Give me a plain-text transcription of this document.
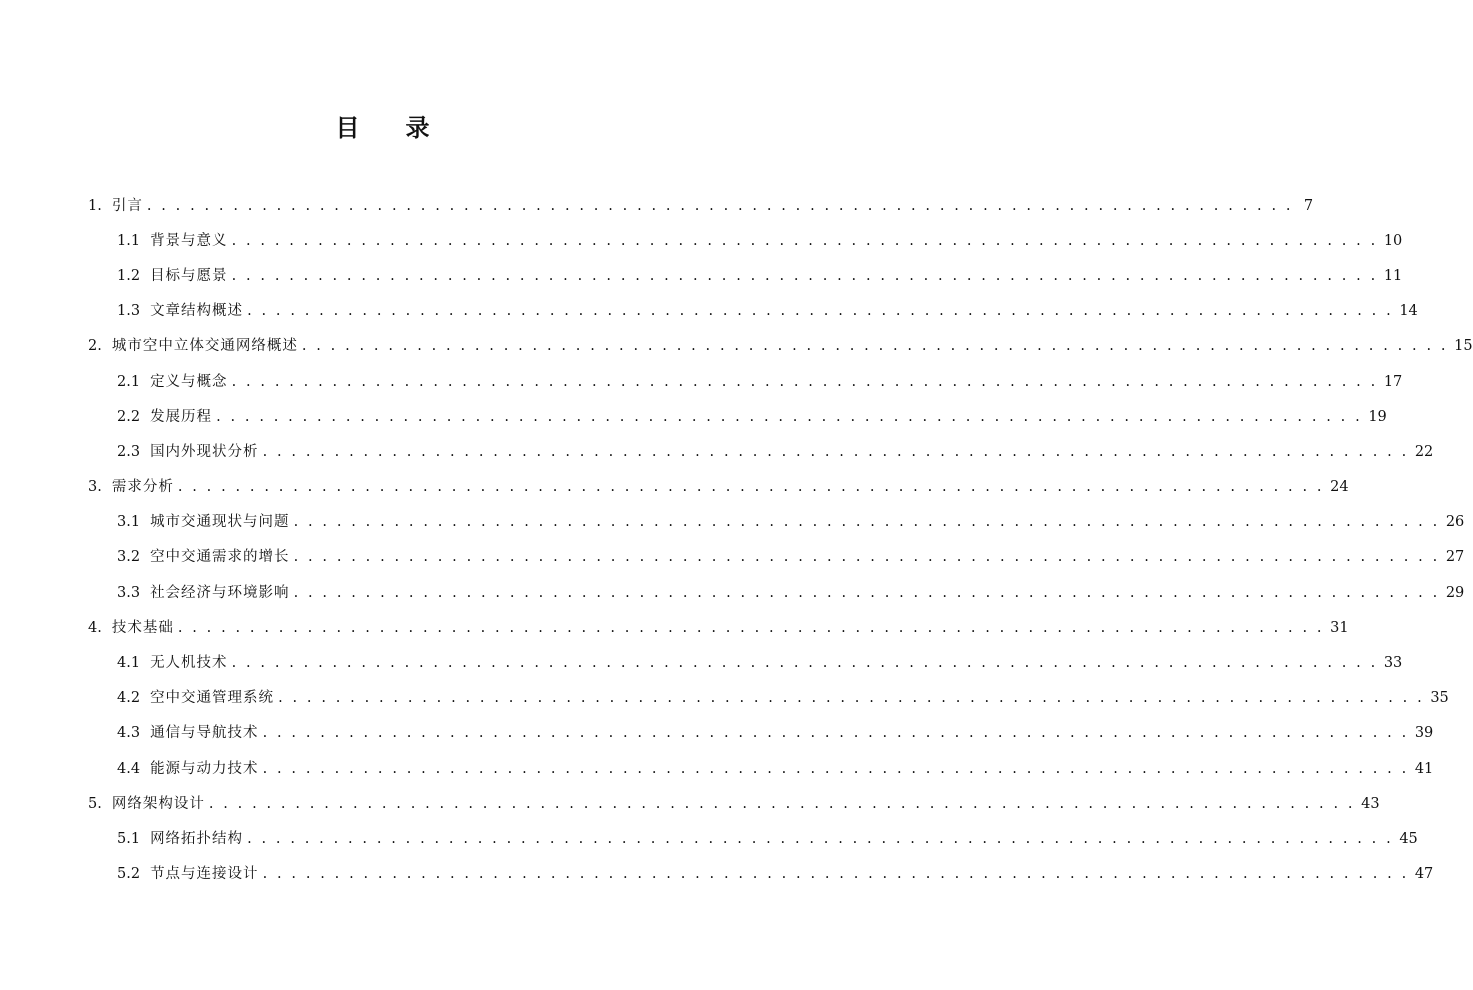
目 录
1. 引言 . . . . . . . . . . . . . . . . . . . . . . . . . . . . . . . . . . . . . . . . . . . . . . . . . . . . . . . . . . . . . . . . . . . . . . . . . . . . . . . . 7
1.1 背景与意义 . . . . . . . . . . . . . . . . . . . . . . . . . . . . . . . . . . . . . . . . . . . . . . . . . . . . . . . . . . . . . . . . . . . . . . . . . . . . . . . . 10
1.2 目标与愿景 . . . . . . . . . . . . . . . . . . . . . . . . . . . . . . . . . . . . . . . . . . . . . . . . . . . . . . . . . . . . . . . . . . . . . . . . . . . . . . . . 11
1.3 文章结构概述 . . . . . . . . . . . . . . . . . . . . . . . . . . . . . . . . . . . . . . . . . . . . . . . . . . . . . . . . . . . . . . . . . . . . . . . . . . . . . . . . 14
2. 城市空中立体交通网络概述 . . . . . . . . . . . . . . . . . . . . . . . . . . . . . . . . . . . . . . . . . . . . . . . . . . . . . . . . . . . . . . . . . . . . . . . . . . . . . . . . 15
2.1 定义与概念 . . . . . . . . . . . . . . . . . . . . . . . . . . . . . . . . . . . . . . . . . . . . . . . . . . . . . . . . . . . . . . . . . . . . . . . . . . . . . . . . 17
2.2 发展历程 . . . . . . . . . . . . . . . . . . . . . . . . . . . . . . . . . . . . . . . . . . . . . . . . . . . . . . . . . . . . . . . . . . . . . . . . . . . . . . . . 19
2.3 国内外现状分析 . . . . . . . . . . . . . . . . . . . . . . . . . . . . . . . . . . . . . . . . . . . . . . . . . . . . . . . . . . . . . . . . . . . . . . . . . . . . . . . . 22
3. 需求分析 . . . . . . . . . . . . . . . . . . . . . . . . . . . . . . . . . . . . . . . . . . . . . . . . . . . . . . . . . . . . . . . . . . . . . . . . . . . . . . . . 24
3.1 城市交通现状与问题 . . . . . . . . . . . . . . . . . . . . . . . . . . . . . . . . . . . . . . . . . . . . . . . . . . . . . . . . . . . . . . . . . . . . . . . . . . . . . . . . 26
3.2 空中交通需求的增长 . . . . . . . . . . . . . . . . . . . . . . . . . . . . . . . . . . . . . . . . . . . . . . . . . . . . . . . . . . . . . . . . . . . . . . . . . . . . . . . . 27
3.3 社会经济与环境影响 . . . . . . . . . . . . . . . . . . . . . . . . . . . . . . . . . . . . . . . . . . . . . . . . . . . . . . . . . . . . . . . . . . . . . . . . . . . . . . . . 29
4. 技术基础 . . . . . . . . . . . . . . . . . . . . . . . . . . . . . . . . . . . . . . . . . . . . . . . . . . . . . . . . . . . . . . . . . . . . . . . . . . . . . . . . 31
4.1 无人机技术 . . . . . . . . . . . . . . . . . . . . . . . . . . . . . . . . . . . . . . . . . . . . . . . . . . . . . . . . . . . . . . . . . . . . . . . . . . . . . . . . 33
4.2 空中交通管理系统 . . . . . . . . . . . . . . . . . . . . . . . . . . . . . . . . . . . . . . . . . . . . . . . . . . . . . . . . . . . . . . . . . . . . . . . . . . . . . . . . 35
4.3 通信与导航技术 . . . . . . . . . . . . . . . . . . . . . . . . . . . . . . . . . . . . . . . . . . . . . . . . . . . . . . . . . . . . . . . . . . . . . . . . . . . . . . . . 39
4.4 能源与动力技术 . . . . . . . . . . . . . . . . . . . . . . . . . . . . . . . . . . . . . . . . . . . . . . . . . . . . . . . . . . . . . . . . . . . . . . . . . . . . . . . . 41
5. 网络架构设计 . . . . . . . . . . . . . . . . . . . . . . . . . . . . . . . . . . . . . . . . . . . . . . . . . . . . . . . . . . . . . . . . . . . . . . . . . . . . . . . . 43
5.1 网络拓扑结构 . . . . . . . . . . . . . . . . . . . . . . . . . . . . . . . . . . . . . . . . . . . . . . . . . . . . . . . . . . . . . . . . . . . . . . . . . . . . . . . . 45
5.2 节点与连接设计 . . . . . . . . . . . . . . . . . . . . . . . . . . . . . . . . . . . . . . . . . . . . . . . . . . . . . . . . . . . . . . . . . . . . . . . . . . . . . . . . 47
